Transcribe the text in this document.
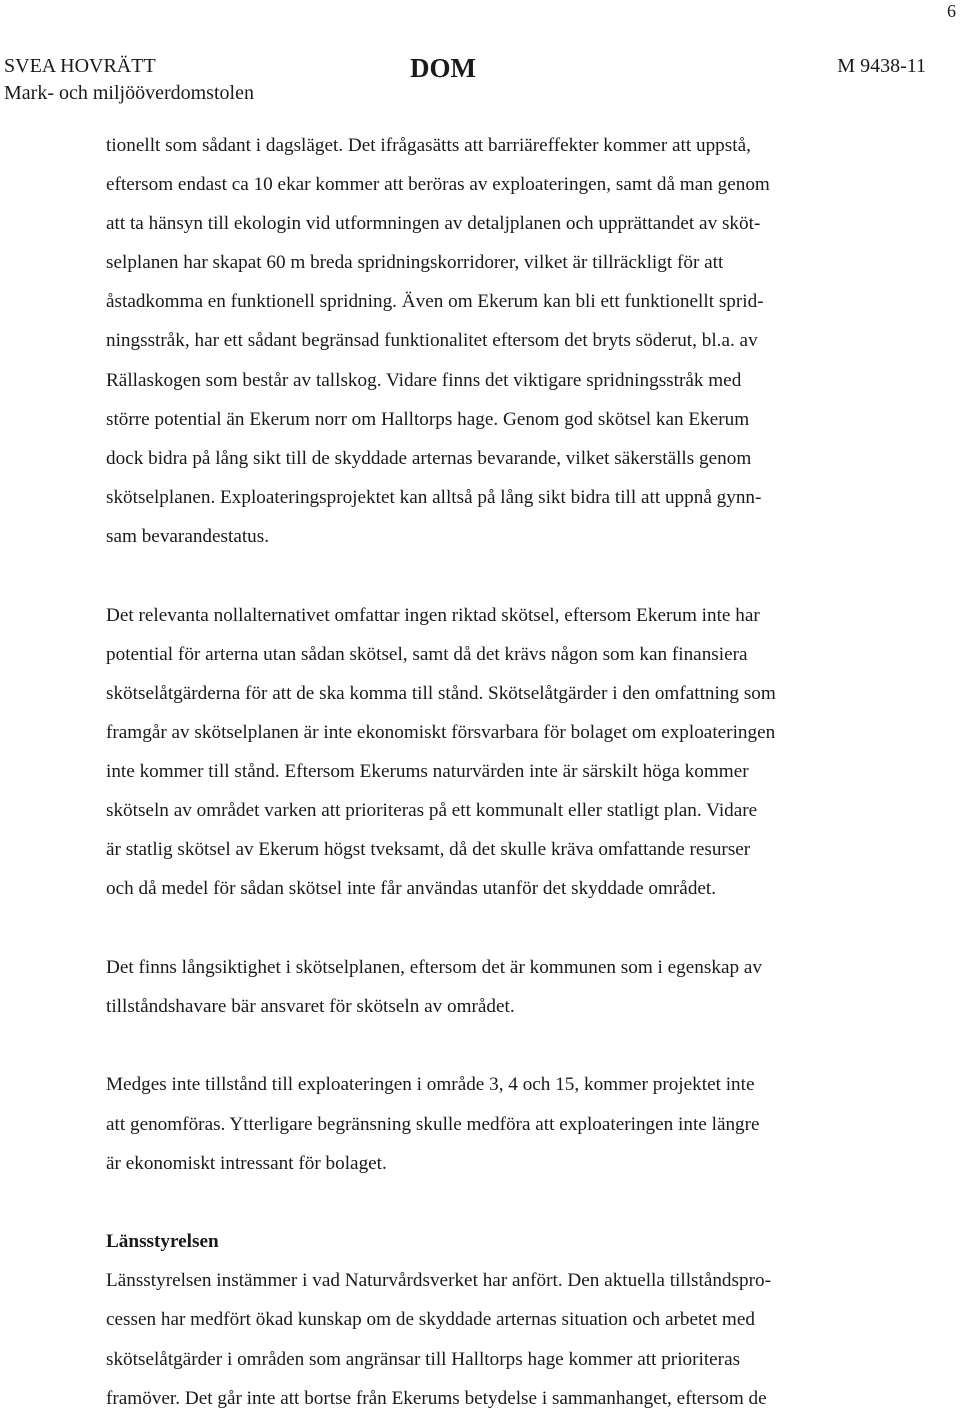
6
SVEA HOVRÄTT
Mark- och miljööverdomstolen
DOM	M 9438-11
tionellt som sådant i dagsläget. Det ifrågasätts att barriäreffekter kommer att uppstå,
eftersom endast ca 10 ekar kommer att beröras av exploateringen, samt då man genom
att ta hänsyn till ekologin vid utformningen av detaljplanen och upprättandet av sköt-
selplanen har skapat 60 m breda spridningskorridorer, vilket är tillräckligt för att
åstadkomma en funktionell spridning. Även om Ekerum kan bli ett funktionellt sprid-
ningsstråk, har ett sådant begränsad funktionalitet eftersom det bryts söderut, bl.a. av
Rällaskogen som består av tallskog. Vidare finns det viktigare spridningsstråk med
större potential än Ekerum norr om Halltorps hage. Genom god skötsel kan Ekerum
dock bidra på lång sikt till de skyddade arternas bevarande, vilket säkerställs genom
skötselplanen. Exploateringsprojektet kan alltså på lång sikt bidra till att uppnå gynn-
sam bevarandestatus.
Det relevanta nollalternativet omfattar ingen riktad skötsel, eftersom Ekerum inte har
potential för arterna utan sådan skötsel, samt då det krävs någon som kan finansiera
skötselåtgärderna för att de ska komma till stånd. Skötselåtgärder i den omfattning som
framgår av skötselplanen är inte ekonomiskt försvarbara för bolaget om exploateringen
inte kommer till stånd. Eftersom Ekerums naturvärden inte är särskilt höga kommer
skötseln av området varken att prioriteras på ett kommunalt eller statligt plan. Vidare
är statlig skötsel av Ekerum högst tveksamt, då det skulle kräva omfattande resurser
och då medel för sådan skötsel inte får användas utanför det skyddade området.
Det finns långsiktighet i skötselplanen, eftersom det är kommunen som i egenskap av
tillståndshavare bär ansvaret för skötseln av området.
Medges inte tillstånd till exploateringen i område 3, 4 och 15, kommer projektet inte
att genomföras. Ytterligare begränsning skulle medföra att exploateringen inte längre
är ekonomiskt intressant för bolaget.
Länsstyrelsen
Länsstyrelsen instämmer i vad Naturvårdsverket har anfört. Den aktuella tillståndspro-
cessen har medfört ökad kunskap om de skyddade arternas situation och arbetet med
skötselåtgärder i områden som angränsar till Halltorps hage kommer att prioriteras
framöver. Det går inte att bortse från Ekerums betydelse i sammanhanget, eftersom de
